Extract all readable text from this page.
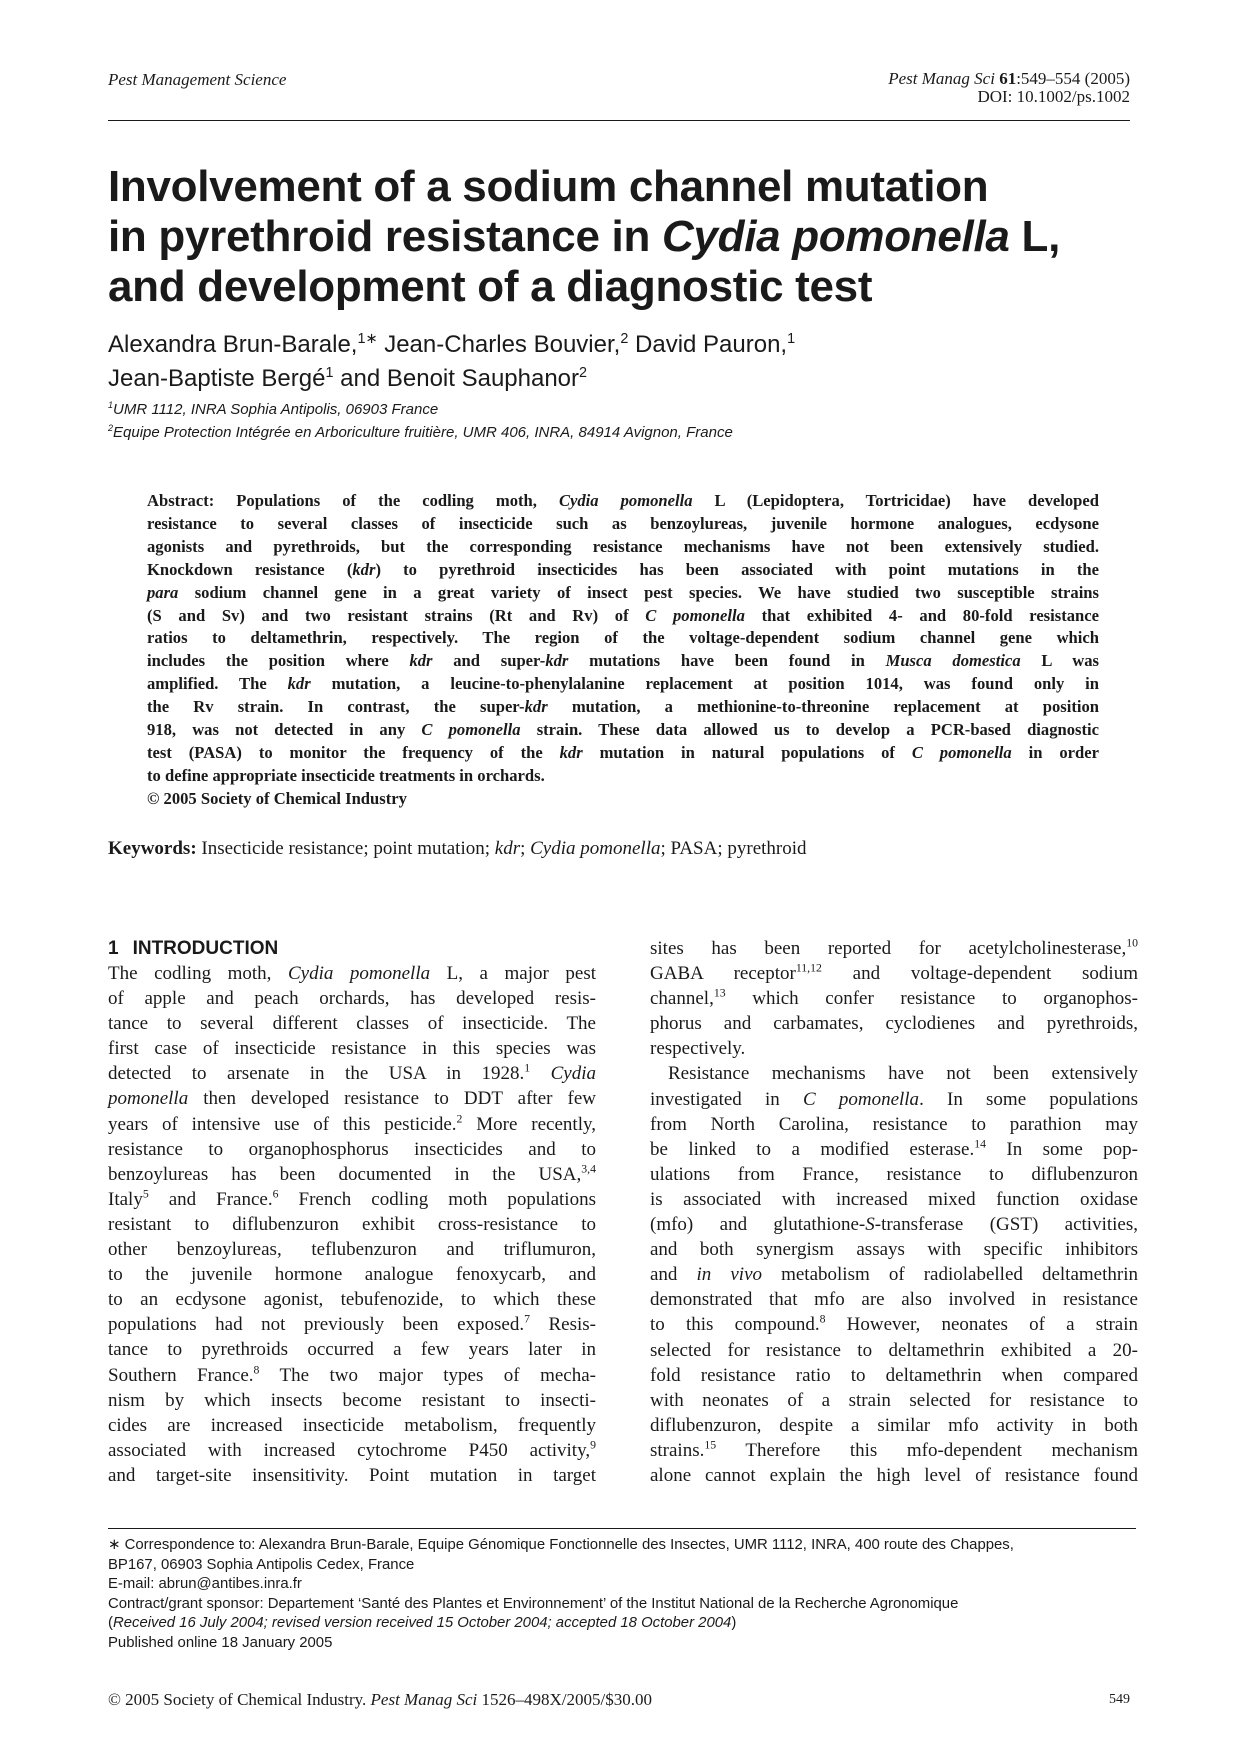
Pest Management Science	Pest Manag Sci 61:549–554 (2005)
DOI: 10.1002/ps.1002
Involvement of a sodium channel mutation
in pyrethroid resistance in Cydia pomonella L,
and development of a diagnostic test
Alexandra Brun-Barale,$^{1∗}$ Jean-Charles Bouvier,$^2$ David Pauron,$^1$
Jean-Baptiste Bergé$^1$ and Benoit Sauphanor$^2$
$^1$UMR 1112, INRA Sophia Antipolis, 06903 France
$^2$Equipe Protection Intégrée en Arboriculture fruitière, UMR 406, INRA, 84914 Avignon, France
Abstract: Populations of the codling moth, Cydia pomonella L (Lepidoptera, Tortricidae) have developed
resistance to several classes of insecticide such as benzoylureas, juvenile hormone analogues, ecdysone
agonists and pyrethroids, but the corresponding resistance mechanisms have not been extensively studied.
Knockdown resistance (kdr) to pyrethroid insecticides has been associated with point mutations in the
para sodium channel gene in a great variety of insect pest species. We have studied two susceptible strains
(S and Sv) and two resistant strains (Rt and Rv) of C pomonella that exhibited 4- and 80-fold resistance
ratios to deltamethrin, respectively. The region of the voltage-dependent sodium channel gene which
includes the position where kdr and super-kdr mutations have been found in Musca domestica L was
amplified. The kdr mutation, a leucine-to-phenylalanine replacement at position 1014, was found only in
the Rv strain. In contrast, the super-kdr mutation, a methionine-to-threonine replacement at position
918, was not detected in any C pomonella strain. These data allowed us to develop a PCR-based diagnostic
test (PASA) to monitor the frequency of the kdr mutation in natural populations of C pomonella in order
to define appropriate insecticide treatments in orchards.
© 2005 Society of Chemical Industry
Keywords: Insecticide resistance; point mutation; kdr; Cydia pomonella; PASA; pyrethroid
1 INTRODUCTION
The codling moth, Cydia pomonella L, a major pest
of apple and peach orchards, has developed resis-
tance to several different classes of insecticide. The
first case of insecticide resistance in this species was
detected to arsenate in the USA in 1928.$^1$ Cydia
pomonella then developed resistance to DDT after few
years of intensive use of this pesticide.$^2$ More recently,
resistance to organophosphorus insecticides and to
benzoylureas has been documented in the USA,$^{3,4}$
Italy$^5$ and France.$^6$ French codling moth populations
resistant to diflubenzuron exhibit cross-resistance to
other benzoylureas, teflubenzuron and triflumuron,
to the juvenile hormone analogue fenoxycarb, and
to an ecdysone agonist, tebufenozide, to which these
populations had not previously been exposed.$^7$ Resis-
tance to pyrethroids occurred a few years later in
Southern France.$^8$ The two major types of mecha-
nism by which insects become resistant to insecti-
cides are increased insecticide metabolism, frequently
associated with increased cytochrome P450 activity,$^9$
and target-site insensitivity. Point mutation in target
sites has been reported for acetylcholinesterase,$^{10}$
GABA receptor$^{11,12}$ and voltage-dependent sodium
channel,$^{13}$ which confer resistance to organophos-
phorus and carbamates, cyclodienes and pyrethroids,
respectively.
Resistance mechanisms have not been extensively
investigated in C pomonella. In some populations
from North Carolina, resistance to parathion may
be linked to a modified esterase.$^{14}$ In some pop-
ulations from France, resistance to diflubenzuron
is associated with increased mixed function oxidase
(mfo) and glutathione-S-transferase (GST) activities,
and both synergism assays with specific inhibitors
and in vivo metabolism of radiolabelled deltamethrin
demonstrated that mfo are also involved in resistance
to this compound.$^8$ However, neonates of a strain
selected for resistance to deltamethrin exhibited a 20-
fold resistance ratio to deltamethrin when compared
with neonates of a strain selected for resistance to
diflubenzuron, despite a similar mfo activity in both
strains.$^{15}$ Therefore this mfo-dependent mechanism
alone cannot explain the high level of resistance found
∗ Correspondence to: Alexandra Brun-Barale, Equipe Génomique Fonctionnelle des Insectes, UMR 1112, INRA, 400 route des Chappes,
BP167, 06903 Sophia Antipolis Cedex, France
E-mail: abrun@antibes.inra.fr
Contract/grant sponsor: Departement ‘Santé des Plantes et Environnement’ of the Institut National de la Recherche Agronomique
(Received 16 July 2004; revised version received 15 October 2004; accepted 18 October 2004)
Published online 18 January 2005
© 2005 Society of Chemical Industry. Pest Manag Sci 1526–498X/2005/$30.00	549
